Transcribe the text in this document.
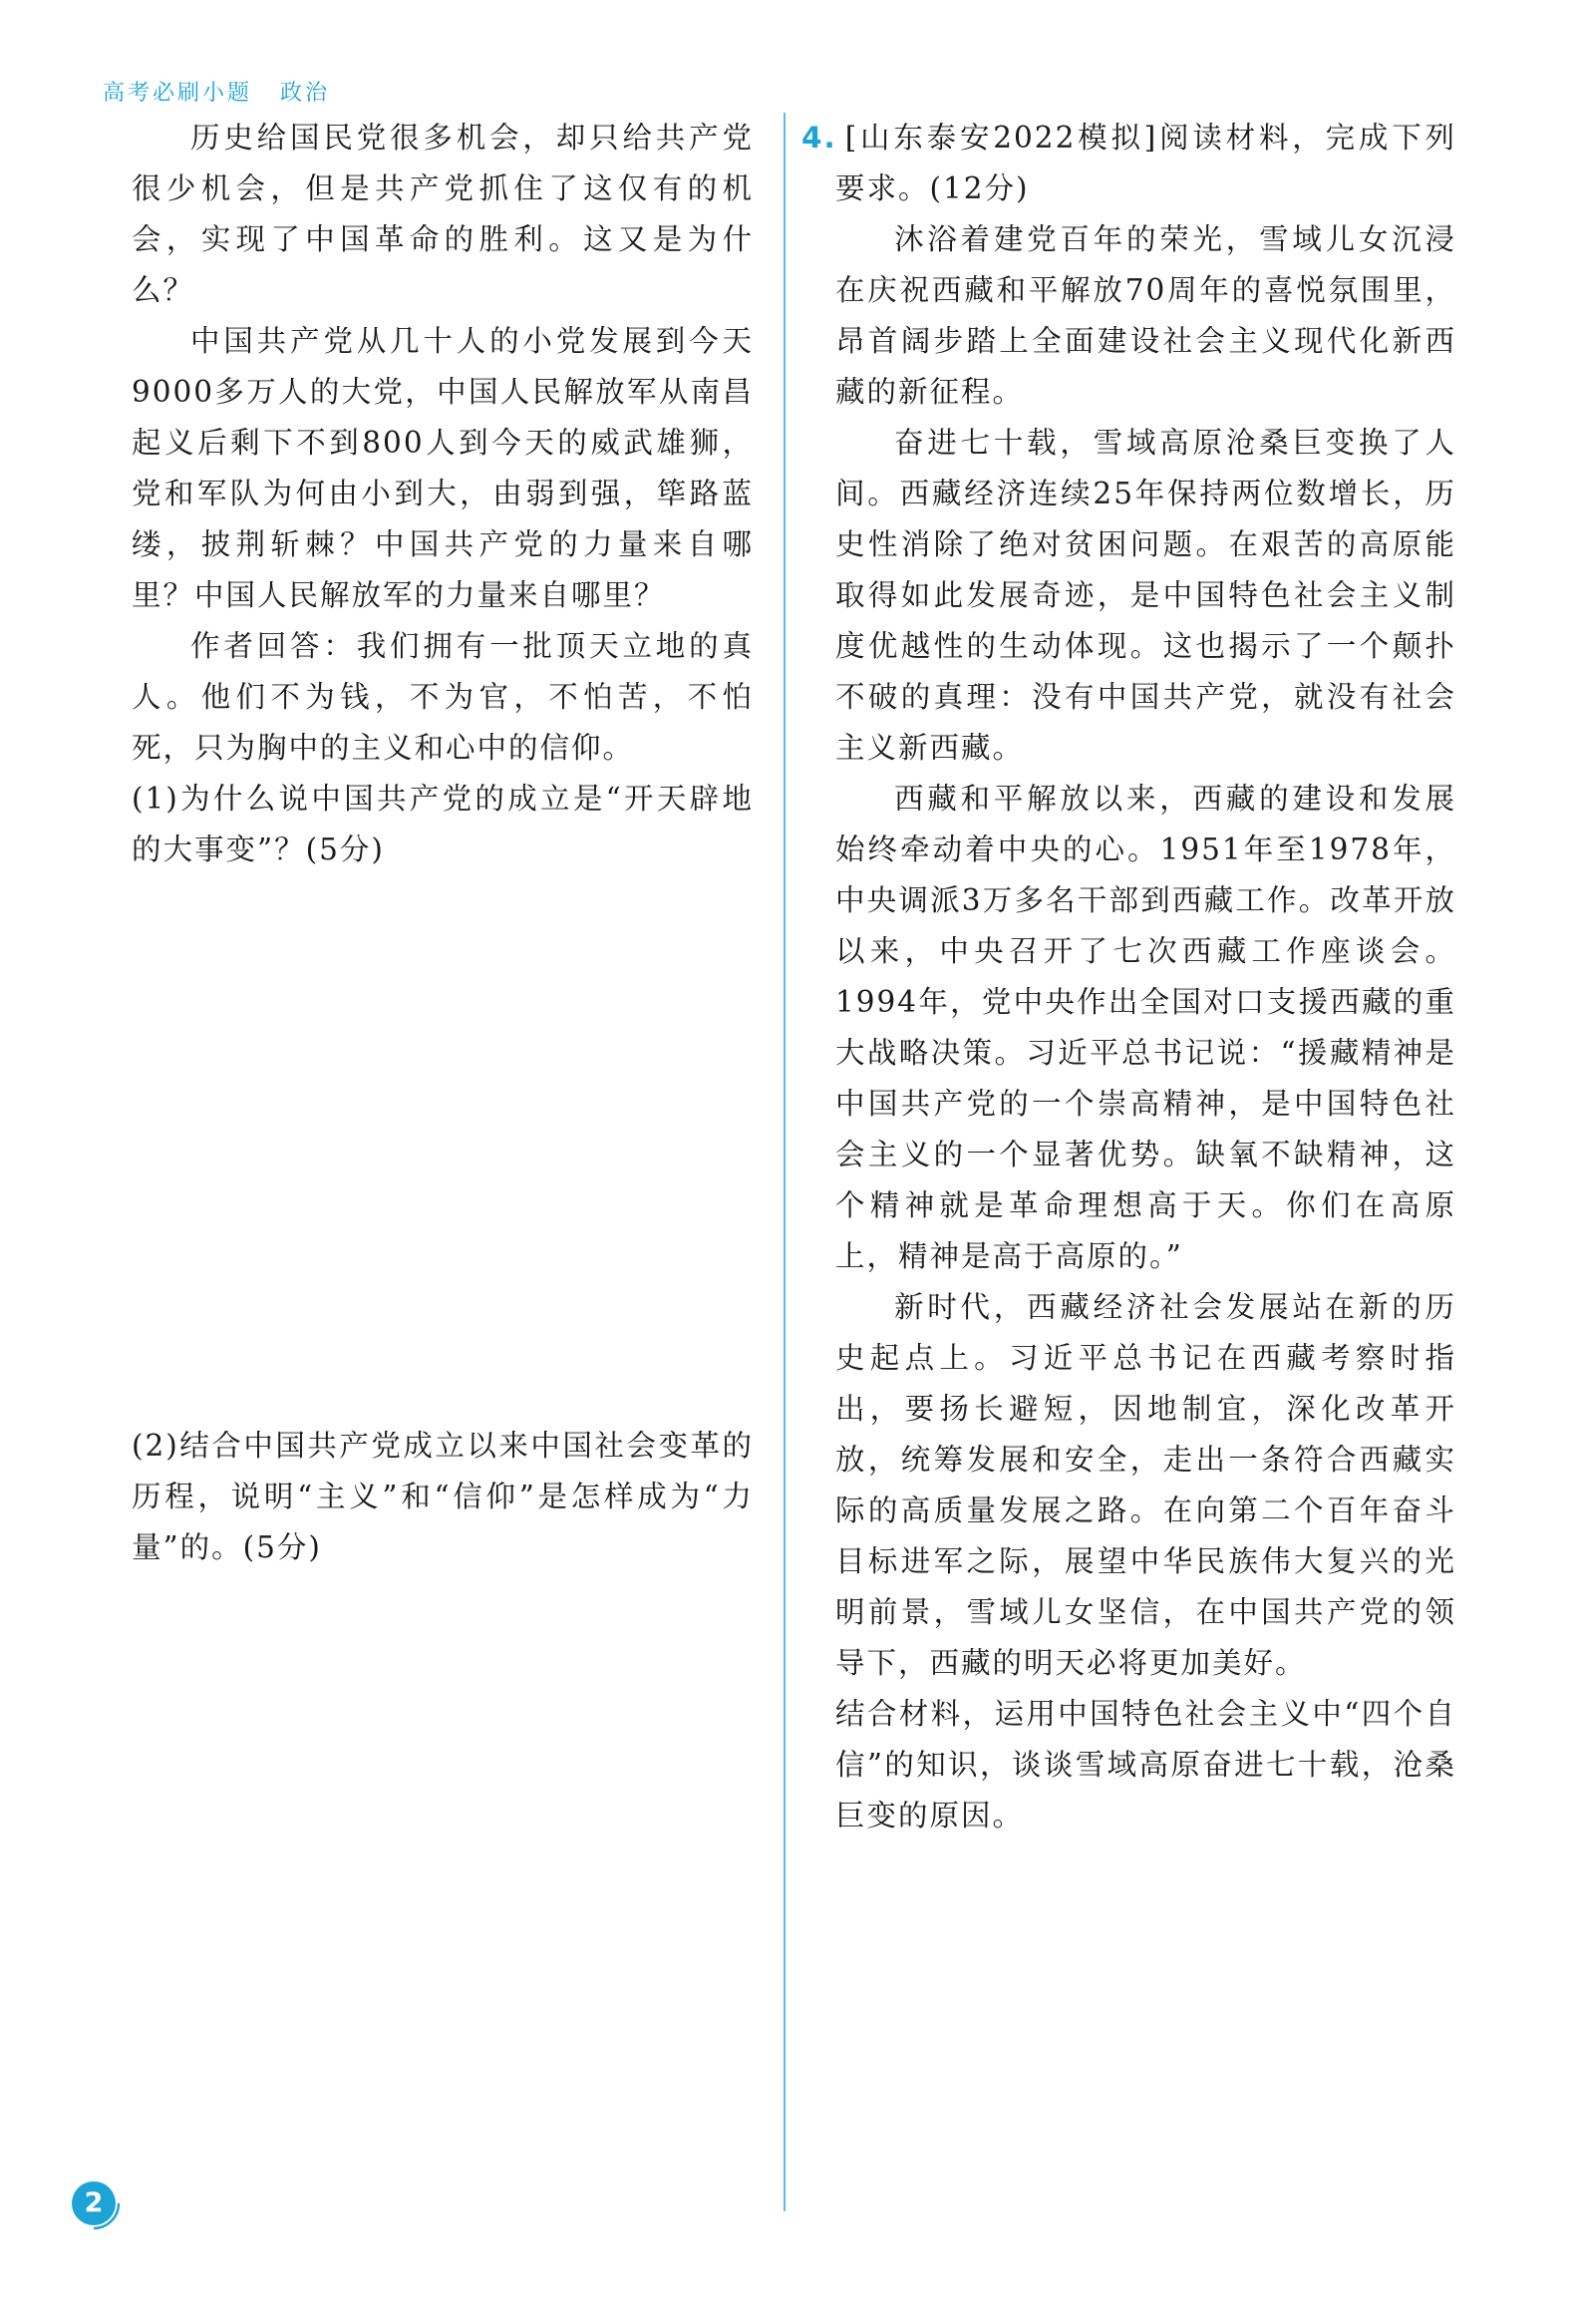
高考必刷小题 政治

历史给国民党很多机会，却只给共产党很少机会，但是共产党抓住了这仅有的机会，实现了中国革命的胜利。这又是为什么？

中国共产党从几十人的小党发展到今天9000多万人的大党，中国人民解放军从南昌起义后剩下不到800人到今天的威武雄狮，党和军队为何由小到大，由弱到强，筚路蓝缕，披荆斩棘？中国共产党的力量来自哪里？中国人民解放军的力量来自哪里？

作者回答：我们拥有一批顶天立地的真人。他们不为钱，不为官，不怕苦，不怕死，只为胸中的主义和心中的信仰。

(1)为什么说中国共产党的成立是“开天辟地的大事变”？(5分)

(2)结合中国共产党成立以来中国社会变革的历程，说明“主义”和“信仰”是怎样成为“力量”的。(5分)

4. [山东泰安2022模拟]阅读材料，完成下列要求。(12分)

沐浴着建党百年的荣光，雪域儿女沉浸在庆祝西藏和平解放70周年的喜悦氛围里，昂首阔步踏上全面建设社会主义现代化新西藏的新征程。

奋进七十载，雪域高原沧桑巨变换了人间。西藏经济连续25年保持两位数增长，历史性消除了绝对贫困问题。在艰苦的高原能取得如此发展奇迹，是中国特色社会主义制度优越性的生动体现。这也揭示了一个颠扑不破的真理：没有中国共产党，就没有社会主义新西藏。

西藏和平解放以来，西藏的建设和发展始终牵动着中央的心。1951年至1978年，中央调派3万多名干部到西藏工作。改革开放以来，中央召开了七次西藏工作座谈会。1994年，党中央作出全国对口支援西藏的重大战略决策。习近平总书记说：“援藏精神是中国共产党的一个崇高精神，是中国特色社会主义的一个显著优势。缺氧不缺精神，这个精神就是革命理想高于天。你们在高原上，精神是高于高原的。”

新时代，西藏经济社会发展站在新的历史起点上。习近平总书记在西藏考察时指出，要扬长避短，因地制宜，深化改革开放，统筹发展和安全，走出一条符合西藏实际的高质量发展之路。在向第二个百年奋斗目标进军之际，展望中华民族伟大复兴的光明前景，雪域儿女坚信，在中国共产党的领导下，西藏的明天必将更加美好。

结合材料，运用中国特色社会主义中“四个自信”的知识，谈谈雪域高原奋进七十载，沧桑巨变的原因。

2
